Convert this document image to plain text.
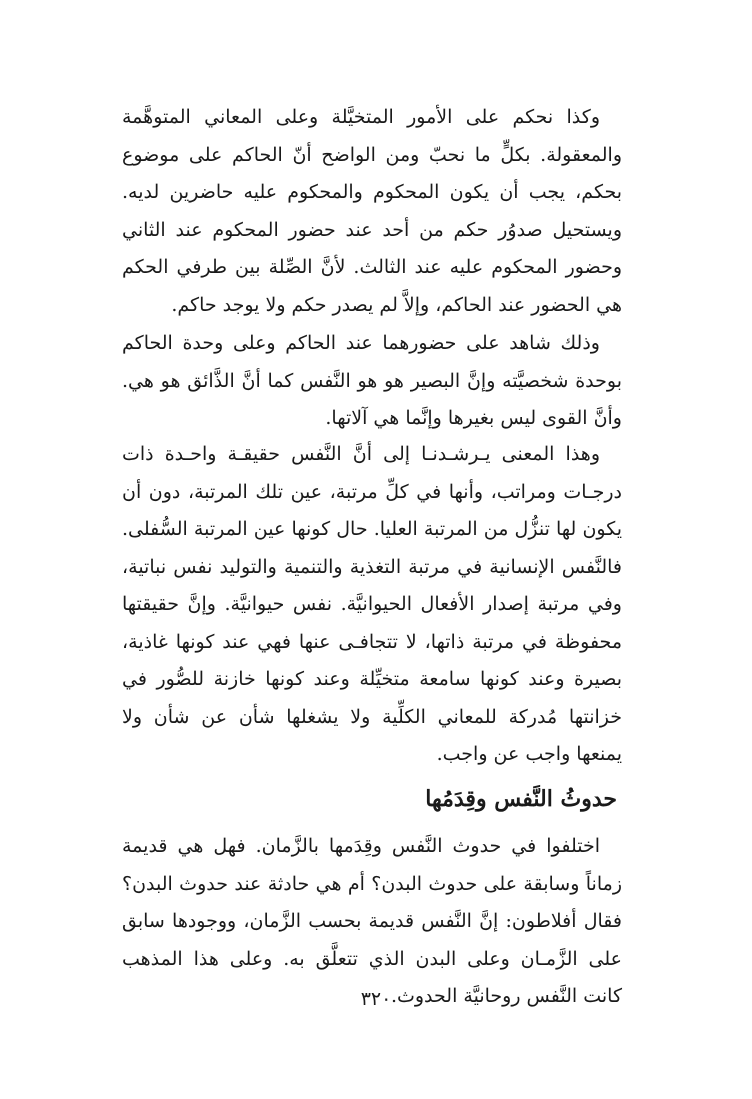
وكذا نحكم على الأمور المتخيَّلة وعلى المعاني المتوهَّمة والمعقولة. بكلٍّ ما نحبّ ومن الواضح أنّ الحاكم على موضوع بحكم، يجب أن يكون المحكوم والمحكوم عليه حاضرين لديه. ويستحيل صدوُر حكم من أحد عند حضور المحكوم عند الثاني وحضور المحكوم عليه عند الثالث. لأنَّ الصِّلة بين طرفي الحكم هي الحضور عند الحاكم، وإلاَّ لم يصدر حكم ولا يوجد حاكم.

وذلك شاهد على حضورهما عند الحاكم وعلى وحدة الحاكم بوحدة شخصيَّته وإنَّ البصير هو هو النَّفس كما أنَّ الذَّائق هو هي. وأنَّ القوى ليس بغيرها وإنَّما هي آلاتها.

وهذا المعنى يـرشـدنـا إلى أنَّ النَّفس حقيقـة واحـدة ذات درجـات ومراتب، وأنها في كلِّ مرتبة، عين تلك المرتبة، دون أن يكون لها تنزُّل من المرتبة العليا. حال كونها عين المرتبة السُّفلى. فالنَّفس الإنسانية في مرتبة التغذية والتنمية والتوليد نفس نباتية، وفي مرتبة إصدار الأفعال الحيوانيَّة. نفس حيوانيَّة. وإنَّ حقيقتها محفوظة في مرتبة ذاتها، لا تتجافـى عنها فهي عند كونها غاذية، بصيرة وعند كونها سامعة متخيِّلة وعند كونها خازنة للصُّور في خزانتها مُدركة للمعاني الكلِّية ولا يشغلها شأن عن شأن ولا يمنعها واجب عن واجب.

حدوثُ النَّفس وقِدَمُها

اختلفوا في حدوث النَّفس وقِدَمها بالزَّمان. فهل هي قديمة زماناً وسابقة على حدوث البدن؟ أم هي حادثة عند حدوث البدن؟ فقال أفلاطون: إنَّ النَّفس قديمة بحسب الزَّمان، ووجودها سابق على الزَّمـان وعلى البدن الذي تتعلَّق به. وعلى هذا المذهب كانت النَّفس روحانيَّة الحدوث.

٣٢٠
